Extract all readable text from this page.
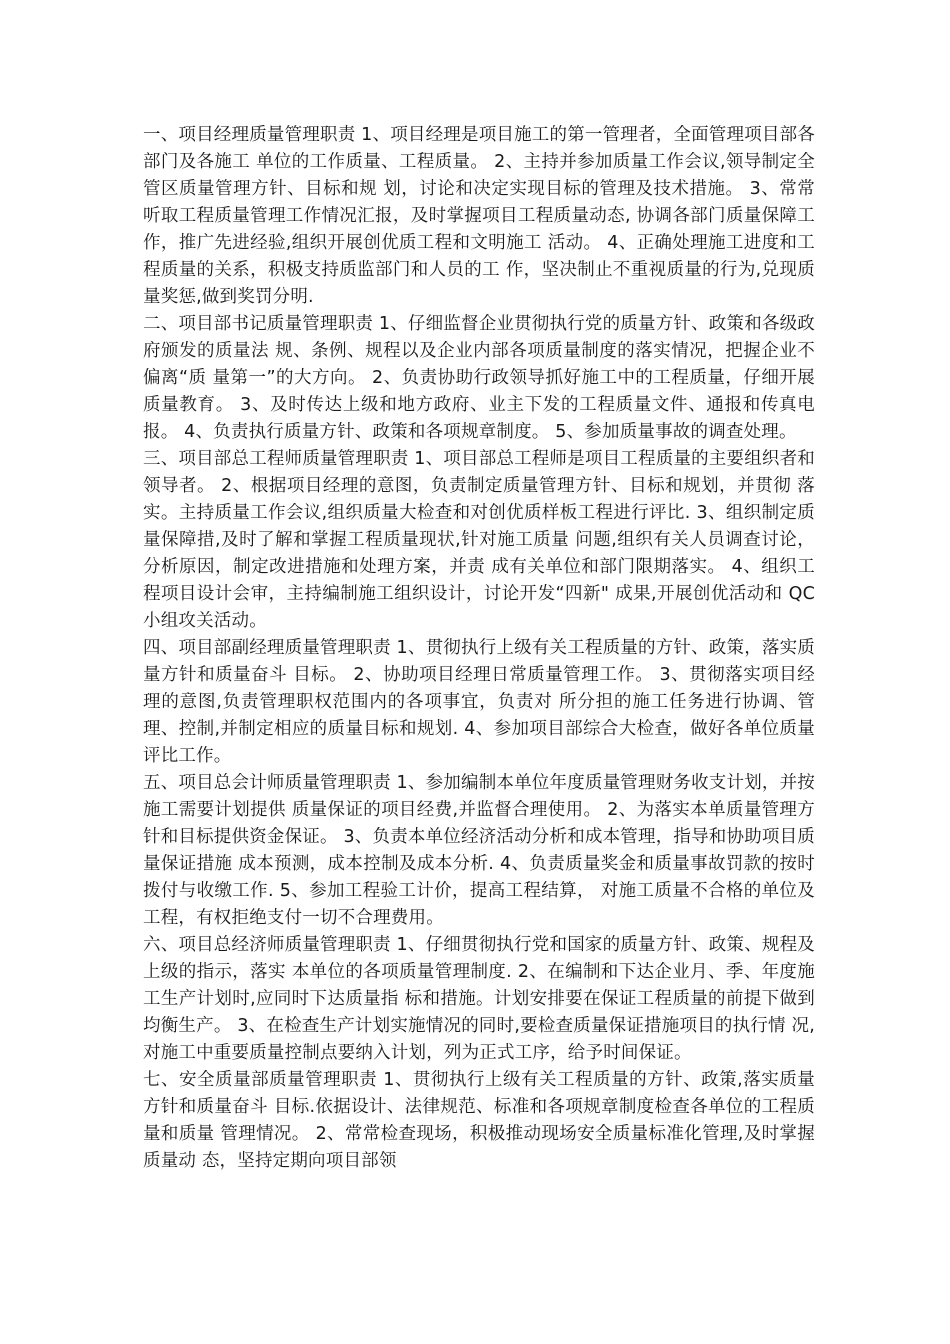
一、项目经理质量管理职责 1、项目经理是项目施工的第一管理者，全面管理项目部各部门及各施工 单位的工作质量、工程质量。 2、主持并参加质量工作会议,领导制定全管区质量管理方针、目标和规 划，讨论和决定实现目标的管理及技术措施。 3、常常听取工程质量管理工作情况汇报，及时掌握项目工程质量动态, 协调各部门质量保障工作，推广先进经验,组织开展创优质工程和文明施工 活动。 4、正确处理施工进度和工程质量的关系，积极支持质监部门和人员的工 作，坚决制止不重视质量的行为,兑现质量奖惩,做到奖罚分明.

二、项目部书记质量管理职责 1、仔细监督企业贯彻执行党的质量方针、政策和各级政府颁发的质量法 规、条例、规程以及企业内部各项质量制度的落实情况，把握企业不偏离“质 量第一”的大方向。 2、负责协助行政领导抓好施工中的工程质量，仔细开展质量教育。 3、及时传达上级和地方政府、业主下发的工程质量文件、通报和传真电 报。 4、负责执行质量方针、政策和各项规章制度。 5、参加质量事故的调查处理。

三、项目部总工程师质量管理职责 1、项目部总工程师是项目工程质量的主要组织者和领导者。 2、根据项目经理的意图，负责制定质量管理方针、目标和规划，并贯彻 落实。主持质量工作会议,组织质量大检查和对创优质样板工程进行评比. 3、组织制定质量保障措,及时了解和掌握工程质量现状,针对施工质量 问题,组织有关人员调查讨论，分析原因，制定改进措施和处理方案，并责 成有关单位和部门限期落实。 4、组织工程项目设计会审，主持编制施工组织设计，讨论开发“四新" 成果,开展创优活动和 QC 小组攻关活动。

四、项目部副经理质量管理职责 1、贯彻执行上级有关工程质量的方针、政策，落实质量方针和质量奋斗 目标。 2、协助项目经理日常质量管理工作。 3、贯彻落实项目经理的意图,负责管理职权范围内的各项事宜，负责对 所分担的施工任务进行协调、管理、控制,并制定相应的质量目标和规划. 4、参加项目部综合大检查，做好各单位质量评比工作。

五、项目总会计师质量管理职责 1、参加编制本单位年度质量管理财务收支计划，并按施工需要计划提供 质量保证的项目经费,并监督合理使用。 2、为落实本单质量管理方针和目标提供资金保证。 3、负责本单位经济活动分析和成本管理，指导和协助项目质量保证措施 成本预测，成本控制及成本分析. 4、负责质量奖金和质量事故罚款的按时拨付与收缴工作. 5、参加工程验工计价，提高工程结算， 对施工质量不合格的单位及工程，有权拒绝支付一切不合理费用。

六、项目总经济师质量管理职责 1、仔细贯彻执行党和国家的质量方针、政策、规程及上级的指示，落实 本单位的各项质量管理制度. 2、在编制和下达企业月、季、年度施工生产计划时,应同时下达质量指 标和措施。计划安排要在保证工程质量的前提下做到均衡生产。 3、在检查生产计划实施情况的同时,要检查质量保证措施项目的执行情 况,对施工中重要质量控制点要纳入计划，列为正式工序，给予时间保证。

七、安全质量部质量管理职责 1、贯彻执行上级有关工程质量的方针、政策,落实质量方针和质量奋斗 目标.依据设计、法律规范、标准和各项规章制度检查各单位的工程质量和质量 管理情况。 2、常常检查现场，积极推动现场安全质量标准化管理,及时掌握质量动 态，坚持定期向项目部领
